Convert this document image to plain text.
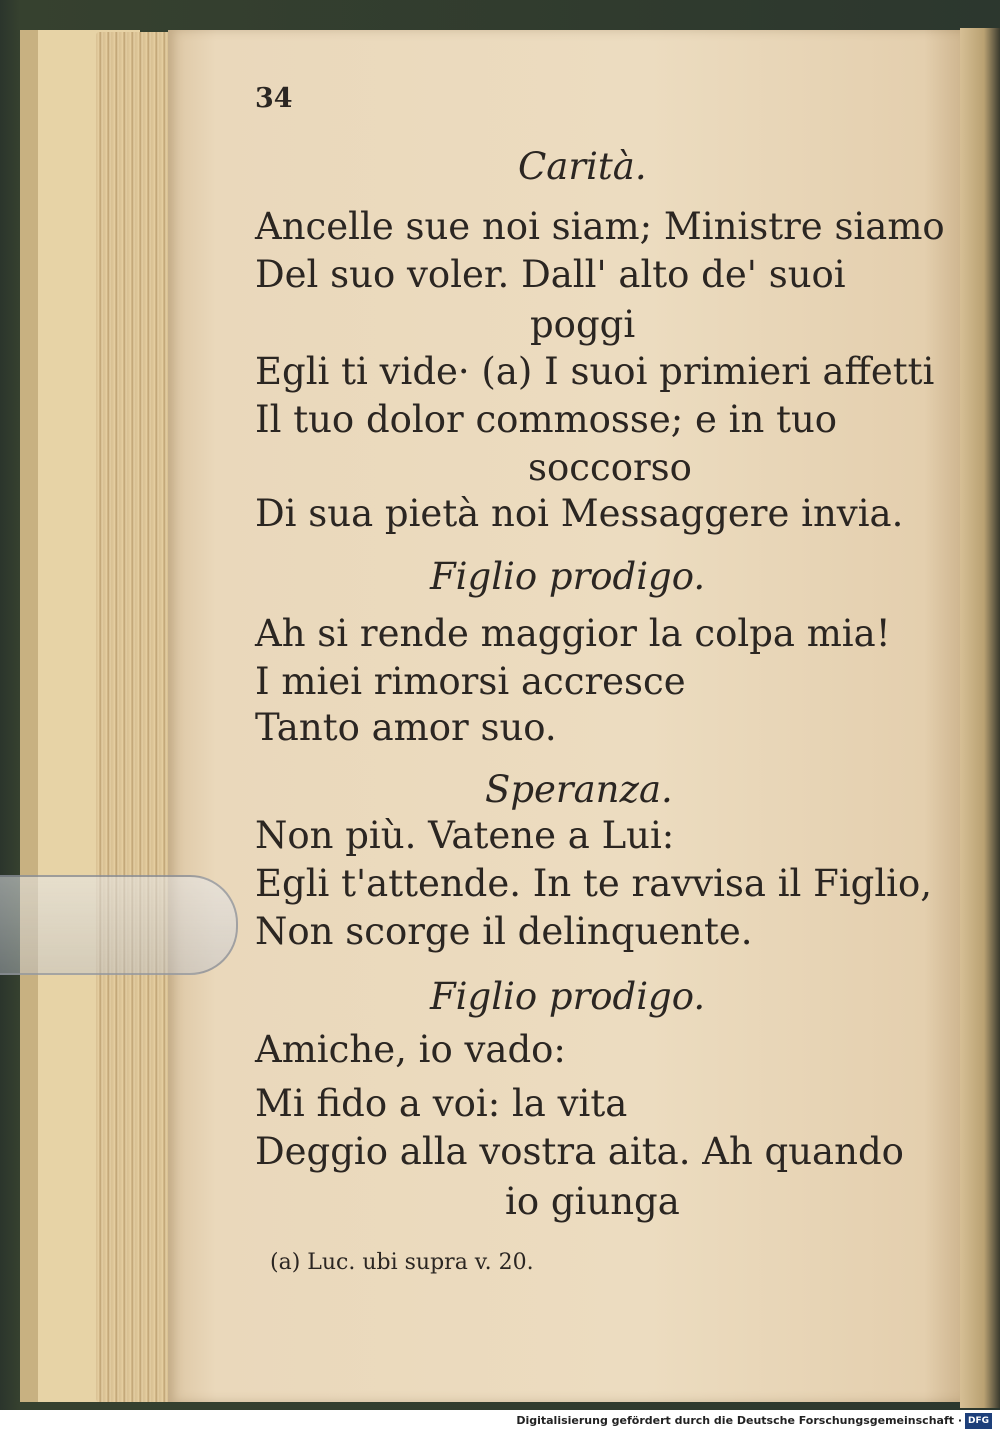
34
Carità.
Ancelle sue noi siam; Ministre siamo
Del suo voler. Dall' alto de' suoi
poggi
Egli ti vide· (a) I suoi primieri affetti
Il tuo dolor commosse; e in tuo
soccorso
Di sua pietà noi Messaggere invia.
Figlio prodigo.
Ah si rende maggior la colpa mia!
I miei rimorsi accresce
Tanto amor suo.
Speranza.
Non più. Vatene a Lui:
Egli t'attende. In te ravvisa il Figlio,
Non scorge il delinquente.
Figlio prodigo.
Amiche, io vado:
Mi fido a voi: la vita
Deggio alla vostra aita. Ah quando
io giunga
(a) Luc. ubi supra v. 20.
Digitalisierung gefördert durch die Deutsche Forschungsgemeinschaft · DFG
